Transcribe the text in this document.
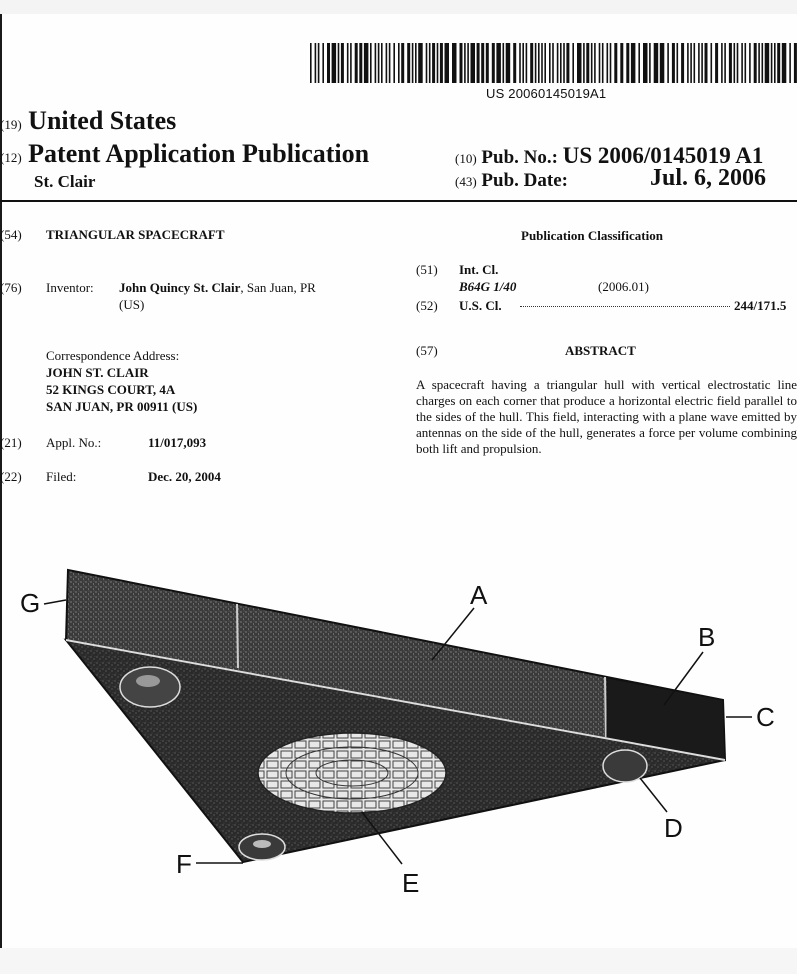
US 20060145019A1
(19) United States
(12) Patent Application Publication
St. Clair
(10) Pub. No.: US 2006/0145019 A1
(43) Pub. Date:	Jul. 6, 2006
(54) TRIANGULAR SPACECRAFT
(76) Inventor: John Quincy St. Clair, San Juan, PR
(US)
Correspondence Address:
JOHN ST. CLAIR
52 KINGS COURT, 4A
SAN JUAN, PR 00911 (US)
(21) Appl. No.:	11/017,093
(22) Filed:	Dec. 20, 2004
Publication Classification
(51) Int. Cl.
B64G 1/40	(2006.01)
(52) U.S. Cl.	244/171.5
(57)	ABSTRACT
A spacecraft having a triangular hull with vertical electrostatic line charges on each corner that produce a horizontal electric field parallel to the sides of the hull. This field, interacting with a plane wave emitted by antennas on the side of the hull, generates a force per volume combining both lift and propulsion.
G	A
B
C
D
E
F
